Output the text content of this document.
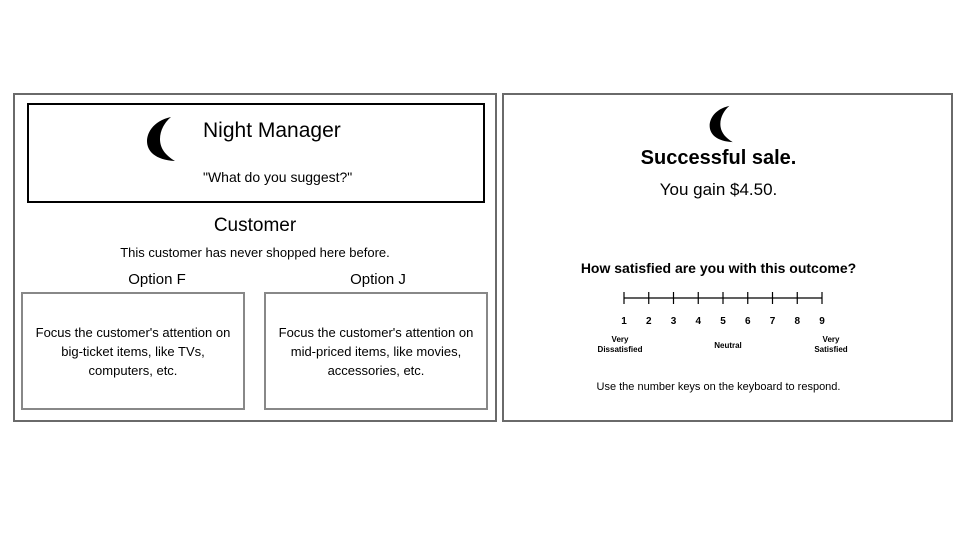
Night Manager
"What do you suggest?"
Customer
This customer has never shopped here before.
Option F	Option J
Focus the customer's attention on
big-ticket items, like TVs,
computers, etc.
Focus the customer's attention on
mid-priced items, like movies,
accessories, etc.
Successful sale.
You gain $4.50.
How satisfied are you with this outcome?
1 2 3 4 5 6 7 8 9
Very
Dissatisfied	Neutral
Very
Satisfied
Use the number keys on the keyboard to respond.
